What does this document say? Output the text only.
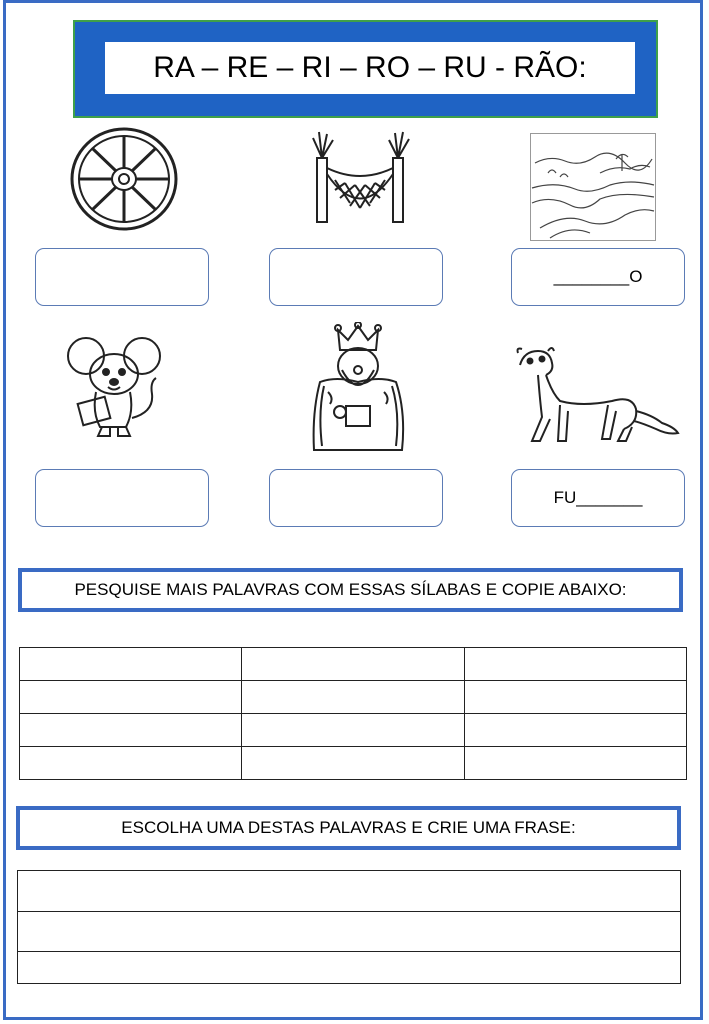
RA – RE – RI – RO – RU - RÃO:
________O
FU_______
PESQUISE MAIS PALAVRAS COM ESSAS SÍLABAS E COPIE ABAIXO:

ESCOLHA UMA DESTAS PALAVRAS E CRIE UMA FRASE:
